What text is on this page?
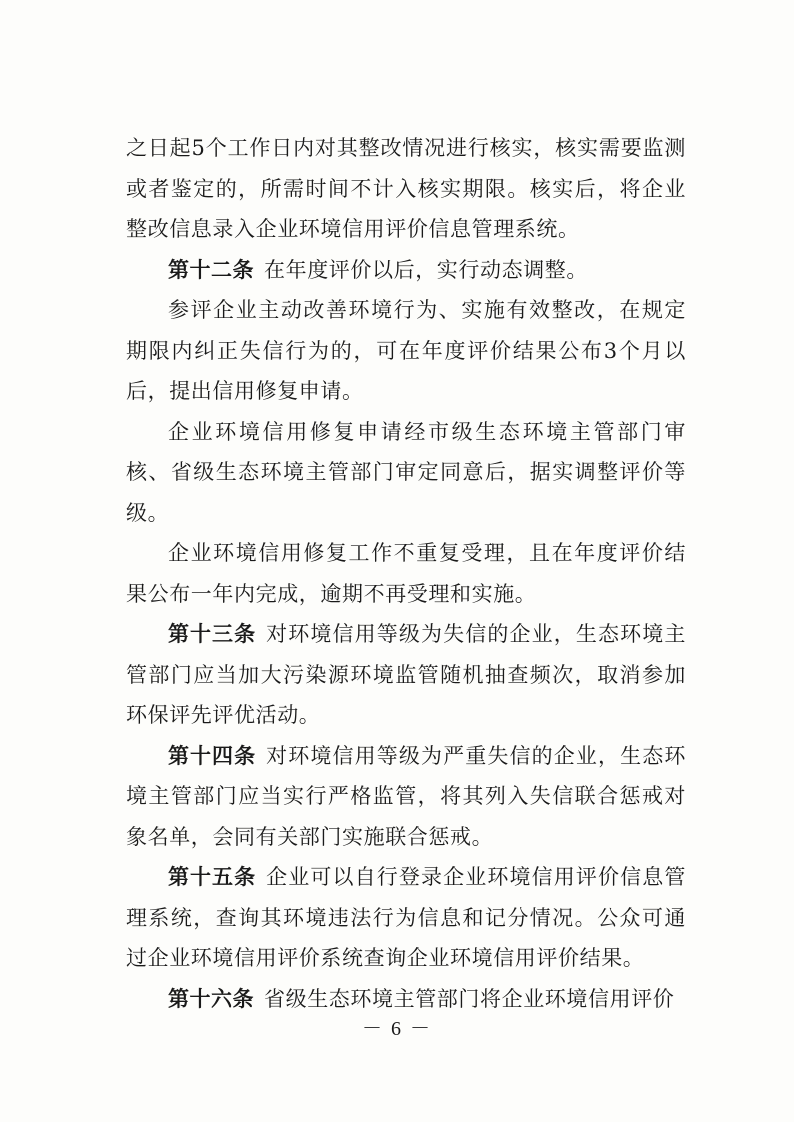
之日起5个工作日内对其整改情况进行核实，核实需要监测或者鉴定的，所需时间不计入核实期限。核实后，将企业整改信息录入企业环境信用评价信息管理系统。

第十二条 在年度评价以后，实行动态调整。

参评企业主动改善环境行为、实施有效整改，在规定期限内纠正失信行为的，可在年度评价结果公布3个月以后，提出信用修复申请。

企业环境信用修复申请经市级生态环境主管部门审核、省级生态环境主管部门审定同意后，据实调整评价等级。

企业环境信用修复工作不重复受理，且在年度评价结果公布一年内完成，逾期不再受理和实施。

第十三条 对环境信用等级为失信的企业，生态环境主管部门应当加大污染源环境监管随机抽查频次，取消参加环保评先评优活动。

第十四条 对环境信用等级为严重失信的企业，生态环境主管部门应当实行严格监管，将其列入失信联合惩戒对象名单，会同有关部门实施联合惩戒。

第十五条 企业可以自行登录企业环境信用评价信息管理系统，查询其环境违法行为信息和记分情况。公众可通过企业环境信用评价系统查询企业环境信用评价结果。

第十六条 省级生态环境主管部门将企业环境信用评价

－ 6 －
